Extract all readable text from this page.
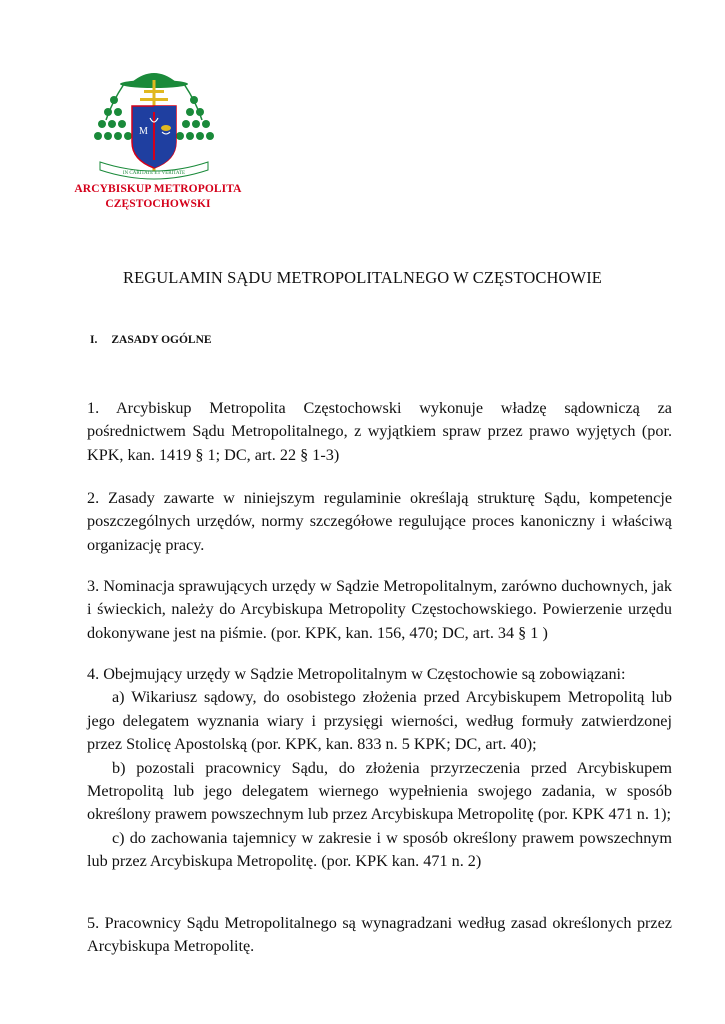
M
IN CARITATE ET VERITATE
ARCYBISKUP METROPOLITA
CZĘSTOCHOWSKI
REGULAMIN SĄDU METROPOLITALNEGO W CZĘSTOCHOWIE
I. ZASADY OGÓLNE
1. Arcybiskup Metropolita Częstochowski wykonuje władzę sądowniczą za pośrednictwem Sądu Metropolitalnego, z wyjątkiem spraw przez prawo wyjętych (por. KPK, kan. 1419 § 1; DC, art. 22 § 1-3)
2. Zasady zawarte w niniejszym regulaminie określają strukturę Sądu, kompetencje poszczególnych urzędów, normy szczegółowe regulujące proces kanoniczny i właściwą organizację pracy.
3. Nominacja sprawujących urzędy w Sądzie Metropolitalnym, zarówno duchownych, jak i świeckich, należy do Arcybiskupa Metropolity Częstochowskiego. Powierzenie urzędu dokonywane jest na piśmie. (por. KPK, kan. 156, 470; DC, art. 34 § 1 )
4. Obejmujący urzędy w Sądzie Metropolitalnym w Częstochowie są zobowiązani:
a) Wikariusz sądowy, do osobistego złożenia przed Arcybiskupem Metropolitą lub jego delegatem wyznania wiary i przysięgi wierności, według formuły zatwierdzonej przez Stolicę Apostolską (por. KPK, kan. 833 n. 5 KPK; DC, art. 40);
b) pozostali pracownicy Sądu, do złożenia przyrzeczenia przed Arcybiskupem Metropolitą lub jego delegatem wiernego wypełnienia swojego zadania, w sposób określony prawem powszechnym lub przez Arcybiskupa Metropolitę (por. KPK 471 n. 1);
c) do zachowania tajemnicy w zakresie i w sposób określony prawem powszechnym lub przez Arcybiskupa Metropolitę. (por. KPK kan. 471 n. 2)
5. Pracownicy Sądu Metropolitalnego są wynagradzani według zasad określonych przez Arcybiskupa Metropolitę.
